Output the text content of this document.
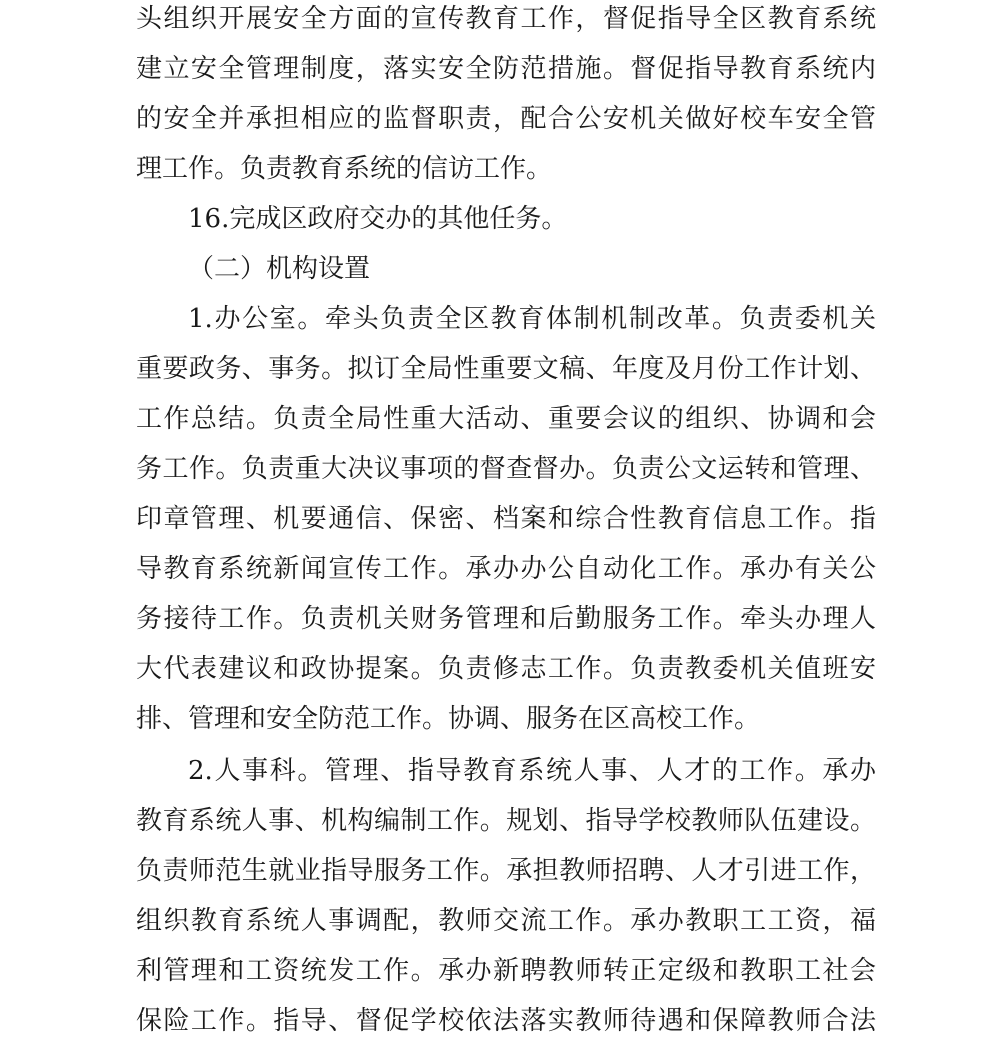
头组织开展安全方面的宣传教育工作，督促指导全区教育系统
建立安全管理制度，落实安全防范措施。督促指导教育系统内
的安全并承担相应的监督职责，配合公安机关做好校车安全管
理工作。负责教育系统的信访工作。
16.完成区政府交办的其他任务。
（二）机构设置
1.办公室。牵头负责全区教育体制机制改革。负责委机关
重要政务、事务。拟订全局性重要文稿、年度及月份工作计划、
工作总结。负责全局性重大活动、重要会议的组织、协调和会
务工作。负责重大决议事项的督查督办。负责公文运转和管理、
印章管理、机要通信、保密、档案和综合性教育信息工作。指
导教育系统新闻宣传工作。承办办公自动化工作。承办有关公
务接待工作。负责机关财务管理和后勤服务工作。牵头办理人
大代表建议和政协提案。负责修志工作。负责教委机关值班安
排、管理和安全防范工作。协调、服务在区高校工作。
2.人事科。管理、指导教育系统人事、人才的工作。承办
教育系统人事、机构编制工作。规划、指导学校教师队伍建设。
负责师范生就业指导服务工作。承担教师招聘、人才引进工作，
组织教育系统人事调配，教师交流工作。承办教职工工资，福
利管理和工资统发工作。承办新聘教师转正定级和教职工社会
保险工作。指导、督促学校依法落实教师待遇和保障教师合法
